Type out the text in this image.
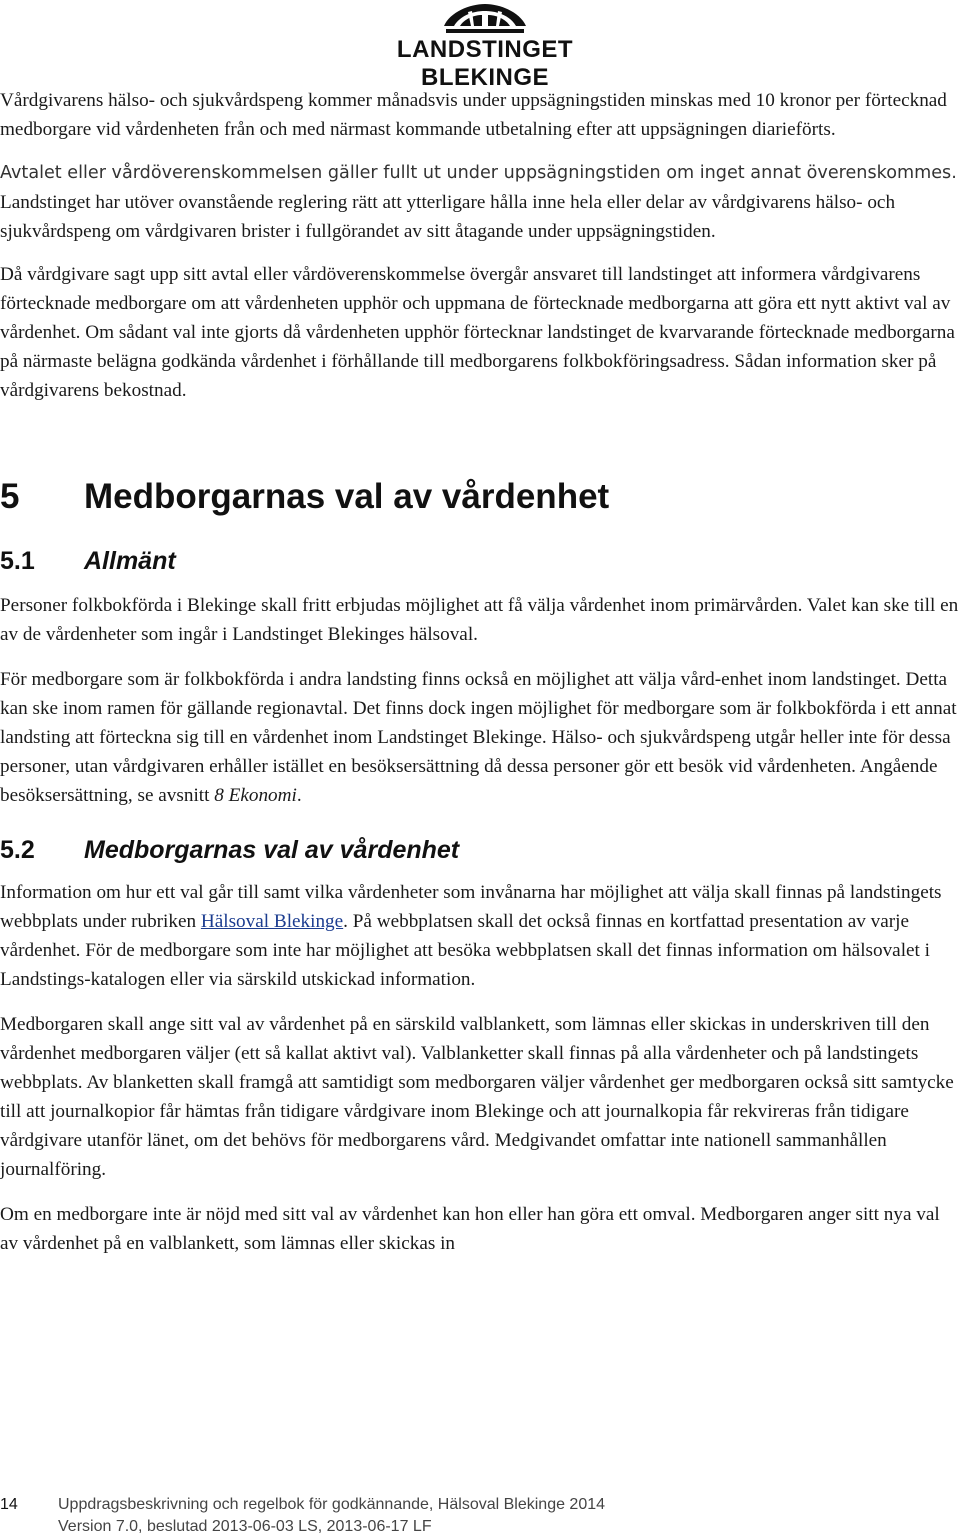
LANDSTINGET BLEKINGE

Vårdgivarens hälso- och sjukvårdspeng kommer månadsvis under uppsägningstiden minskas med 10 kronor per förtecknad medborgare vid vårdenheten från och med närmast kommande utbetalning efter att uppsägningen diarieförts.

Avtalet eller vårdöverenskommelsen gäller fullt ut under uppsägningstiden om inget annat överenskommes. Landstinget har utöver ovanstående reglering rätt att ytterligare hålla inne hela eller delar av vårdgivarens hälso- och sjukvårdspeng om vårdgivaren brister i fullgörandet av sitt åtagande under uppsägningstiden.

Då vårdgivare sagt upp sitt avtal eller vårdöverenskommelse övergår ansvaret till landstinget att informera vårdgivarens förtecknade medborgare om att vårdenheten upphör och uppmana de förtecknade medborgarna att göra ett nytt aktivt val av vårdenhet. Om sådant val inte gjorts då vårdenheten upphör förtecknar landstinget de kvarvarande förtecknade medborgarna på närmaste belägna godkända vårdenhet i förhållande till medborgarens folkbokföringsadress. Sådan information sker på vårdgivarens bekostnad.

5 Medborgarnas val av vårdenhet
5.1 Allmänt

Personer folkbokförda i Blekinge skall fritt erbjudas möjlighet att få välja vårdenhet inom primärvården. Valet kan ske till en av de vårdenheter som ingår i Landstinget Blekinges hälsoval.

För medborgare som är folkbokförda i andra landsting finns också en möjlighet att välja vård-enhet inom landstinget. Detta kan ske inom ramen för gällande regionavtal. Det finns dock ingen möjlighet för medborgare som är folkbokförda i ett annat landsting att förteckna sig till en vårdenhet inom Landstinget Blekinge. Hälso- och sjukvårdspeng utgår heller inte för dessa personer, utan vårdgivaren erhåller istället en besöksersättning då dessa personer gör ett besök vid vårdenheten. Angående besöksersättning, se avsnitt 8 Ekonomi.

5.2 Medborgarnas val av vårdenhet

Information om hur ett val går till samt vilka vårdenheter som invånarna har möjlighet att välja skall finnas på landstingets webbplats under rubriken Hälsoval Blekinge. På webbplatsen skall det också finnas en kortfattad presentation av varje vårdenhet. För de medborgare som inte har möjlighet att besöka webbplatsen skall det finnas information om hälsovalet i Landstings-katalogen eller via särskild utskickad information.

Medborgaren skall ange sitt val av vårdenhet på en särskild valblankett, som lämnas eller skickas in underskriven till den vårdenhet medborgaren väljer (ett så kallat aktivt val). Valblanketter skall finnas på alla vårdenheter och på landstingets webbplats. Av blanketten skall framgå att samtidigt som medborgaren väljer vårdenhet ger medborgaren också sitt samtycke till att journalkopior får hämtas från tidigare vårdgivare inom Blekinge och att journalkopia får rekvireras från tidigare vårdgivare utanför länet, om det behövs för medborgarens vård. Medgivandet omfattar inte nationell sammanhållen journalföring.

Om en medborgare inte är nöjd med sitt val av vårdenhet kan hon eller han göra ett omval. Medborgaren anger sitt nya val av vårdenhet på en valblankett, som lämnas eller skickas in

14	Uppdragsbeskrivning och regelbok för godkännande, Hälsoval Blekinge 2014
Version 7.0, beslutad 2013-06-03 LS, 2013-06-17 LF
